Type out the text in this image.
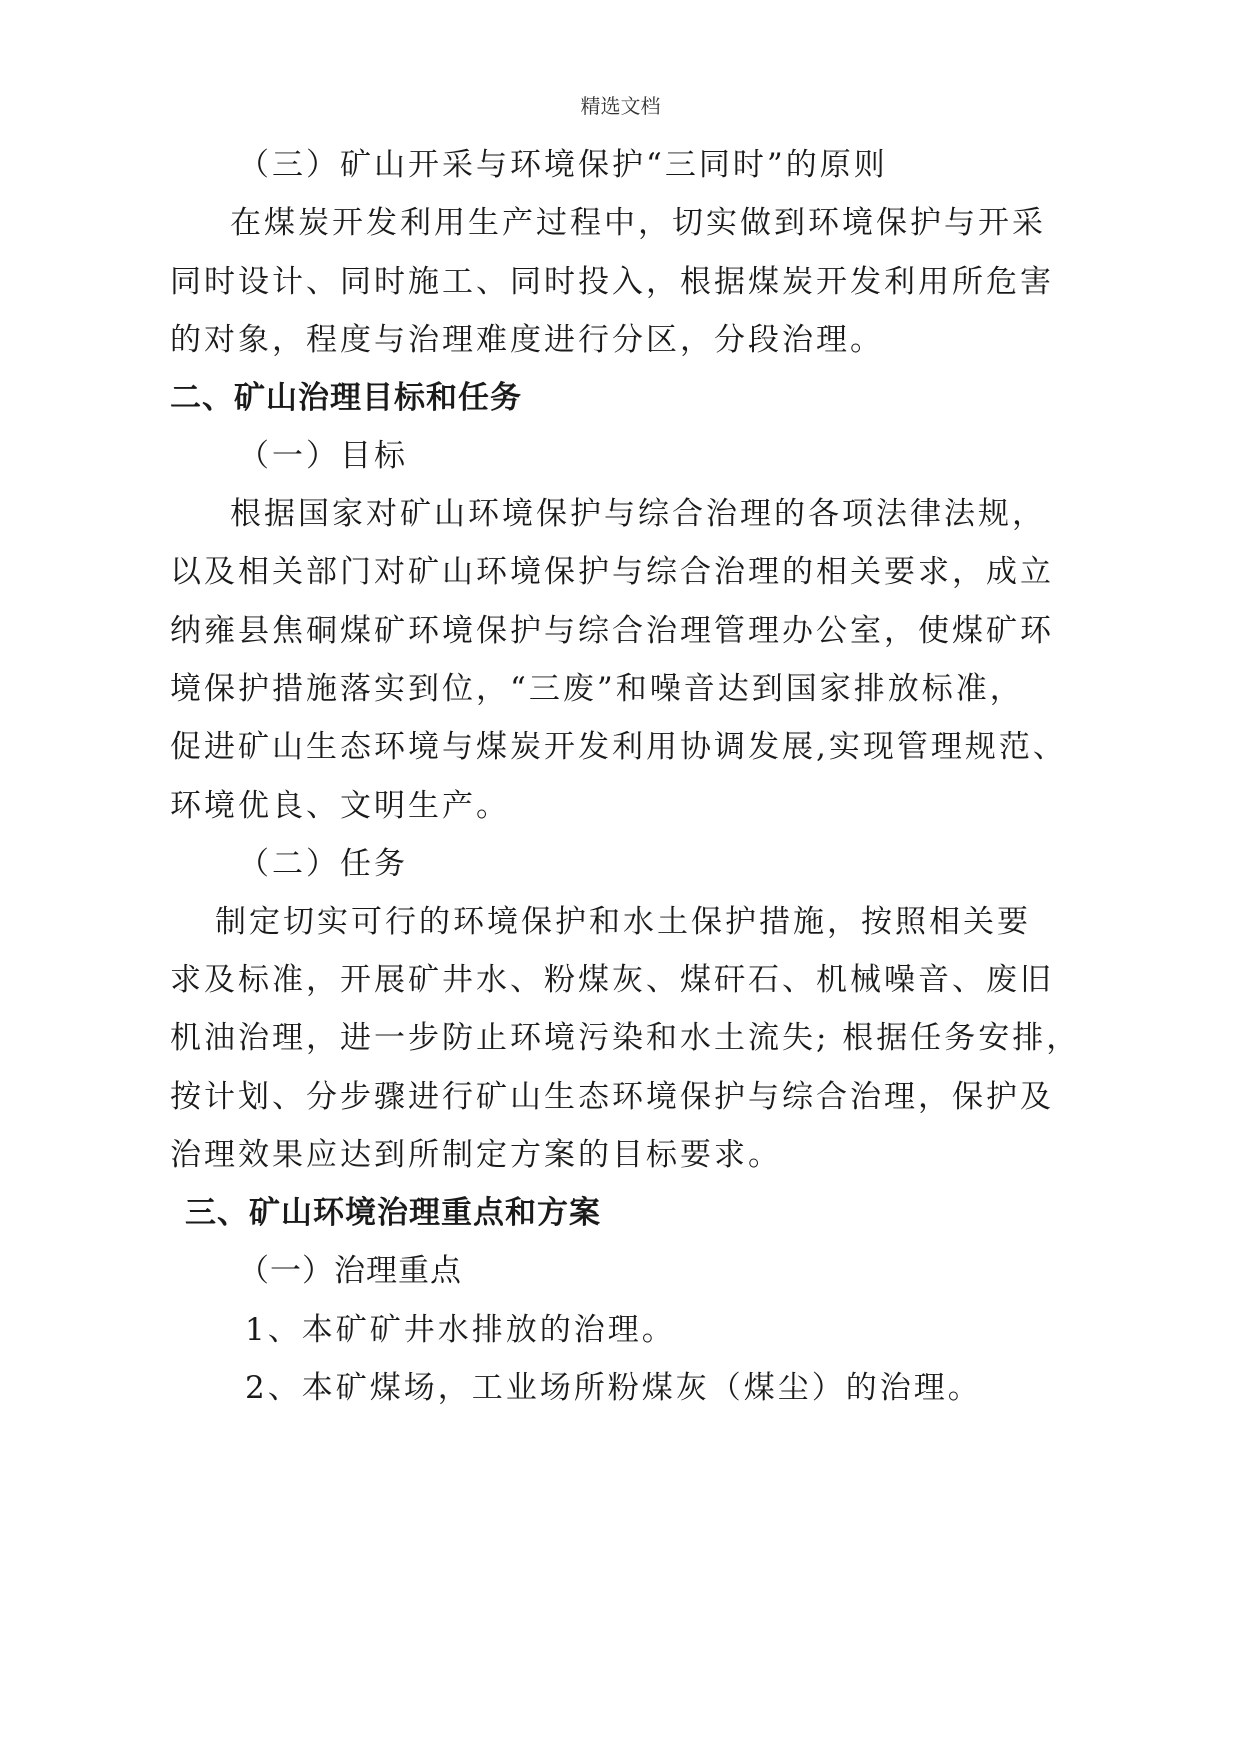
精选文档
（三）矿山开采与环境保护“三同时”的原则
在煤炭开发利用生产过程中，切实做到环境保护与开采
同时设计、同时施工、同时投入，根据煤炭开发利用所危害
的对象，程度与治理难度进行分区，分段治理。
二、矿山治理目标和任务
（一）目标
根据国家对矿山环境保护与综合治理的各项法律法规，
以及相关部门对矿山环境保护与综合治理的相关要求，成立
纳雍县焦硐煤矿环境保护与综合治理管理办公室，使煤矿环
境保护措施落实到位，“三废”和噪音达到国家排放标准，
促进矿山生态环境与煤炭开发利用协调发展,实现管理规范、
环境优良、文明生产。
（二）任务
制定切实可行的环境保护和水土保护措施，按照相关要
求及标准，开展矿井水、粉煤灰、煤矸石、机械噪音、废旧
机油治理，进一步防止环境污染和水土流失; 根据任务安排，
按计划、分步骤进行矿山生态环境保护与综合治理，保护及
治理效果应达到所制定方案的目标要求。
三、矿山环境治理重点和方案
（一）治理重点
1、本矿矿井水排放的治理。
2、本矿煤场，工业场所粉煤灰（煤尘）的治理。
